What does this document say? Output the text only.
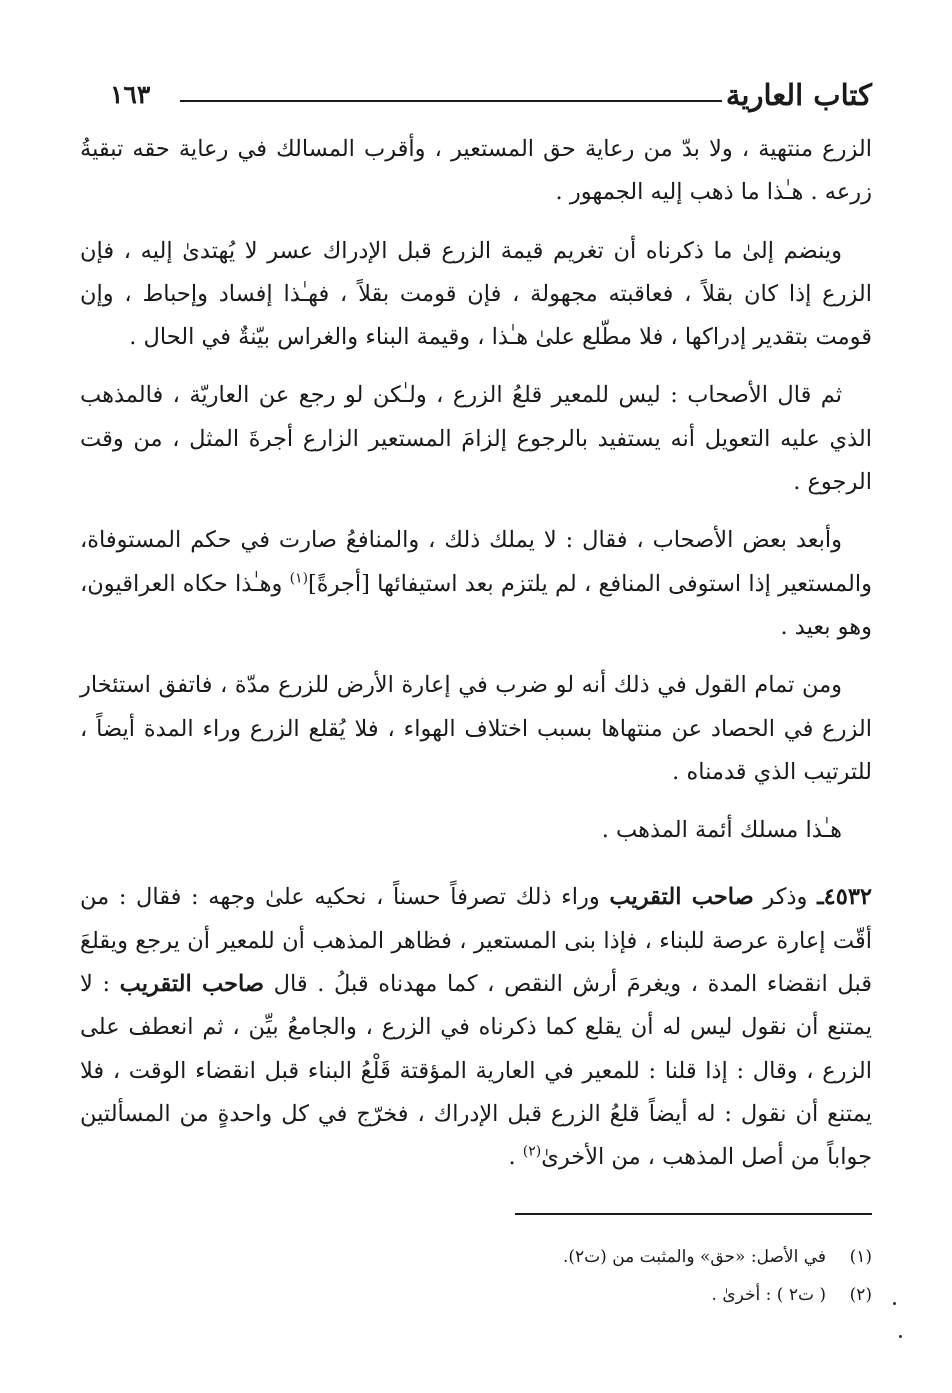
كتاب العارية
١٦٣

الزرع منتهية ، ولا بدّ من رعاية حق المستعير ، وأقرب المسالك في رعاية حقه تبقيةُ زرعه . هـٰذا ما ذهب إليه الجمهور .

وينضم إلىٰ ما ذكرناه أن تغريم قيمة الزرع قبل الإدراك عسر لا يُهتدىٰ إليه ، فإن الزرع إذا كان بقلاً ، فعاقبته مجهولة ، فإن قومت بقلاً ، فهـٰذا إفساد وإحباط ، وإن قومت بتقدير إدراكها ، فلا مطّلع علىٰ هـٰذا ، وقيمة البناء والغراس بيّنةٌ في الحال .

ثم قال الأصحاب : ليس للمعير قلعُ الزرع ، ولـٰكن لو رجع عن العاريّة ، فالمذهب الذي عليه التعويل أنه يستفيد بالرجوع إلزامَ المستعير الزارع أجرةَ المثل ، من وقت الرجوع .

وأبعد بعض الأصحاب ، فقال : لا يملك ذلك ، والمنافعُ صارت في حكم المستوفاة، والمستعير إذا استوفى المنافع ، لم يلتزم بعد استيفائها [أجرةً]$^{(١)}$ وهـٰذا حكاه العراقيون، وهو بعيد .

ومن تمام القول في ذلك أنه لو ضرب في إعارة الأرض للزرع مدّة ، فاتفق استئخار الزرع في الحصاد عن منتهاها بسبب اختلاف الهواء ، فلا يُقلع الزرع وراء المدة أيضاً ، للترتيب الذي قدمناه .

هـٰذا مسلك أئمة المذهب .

٤٥٣٢ـ وذكر صاحب التقريب وراء ذلك تصرفاً حسناً ، نحكيه علىٰ وجهه : فقال : من أقّت إعارة عرصة للبناء ، فإذا بنى المستعير ، فظاهر المذهب أن للمعير أن يرجع ويقلعَ قبل انقضاء المدة ، ويغرمَ أرش النقص ، كما مهدناه قبلُ . قال صاحب التقريب : لا يمتنع أن نقول ليس له أن يقلع كما ذكرناه في الزرع ، والجامعُ بيِّن ، ثم انعطف على الزرع ، وقال : إذا قلنا : للمعير في العارية المؤقتة قَلْعُ البناء قبل انقضاء الوقت ، فلا يمتنع أن نقول : له أيضاً قلعُ الزرع قبل الإدراك ، فخرّج في كل واحدةٍ من المسألتين جواباً من أصل المذهب ، من الأخرىٰ$^{(٢)}$ .

(١)في الأصل: «حق» والمثبت من (ت٢).
(٢)( ت٢ ) : أخرىٰ .
